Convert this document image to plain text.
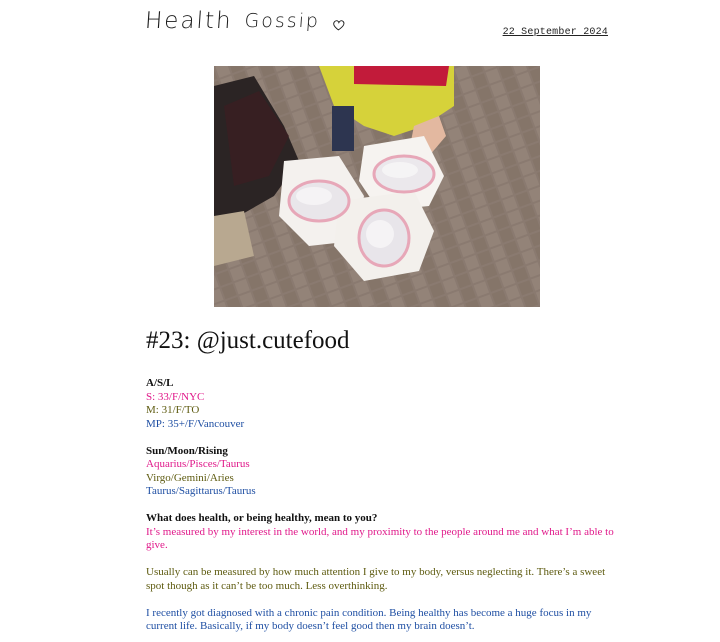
Health Gossip
22 September 2024
#23: @just.cutefood
A/S/L
S: 33/F/NYC
M: 31/F/TO
MP: 35+/F/Vancouver
Sun/Moon/Rising
Aquarius/Pisces/Taurus
Virgo/Gemini/Aries
Taurus/Sagittarus/Taurus
What does health, or being healthy, mean to you?
It’s measured by my interest in the world, and my proximity to the people around me and what I’m able to give.
Usually can be measured by how much attention I give to my body, versus neglecting it. There’s a sweet spot though as it can’t be too much. Less overthinking.
I recently got diagnosed with a chronic pain condition. Being healthy has become a huge focus in my current life. Basically, if my body doesn’t feel good then my brain doesn’t.
